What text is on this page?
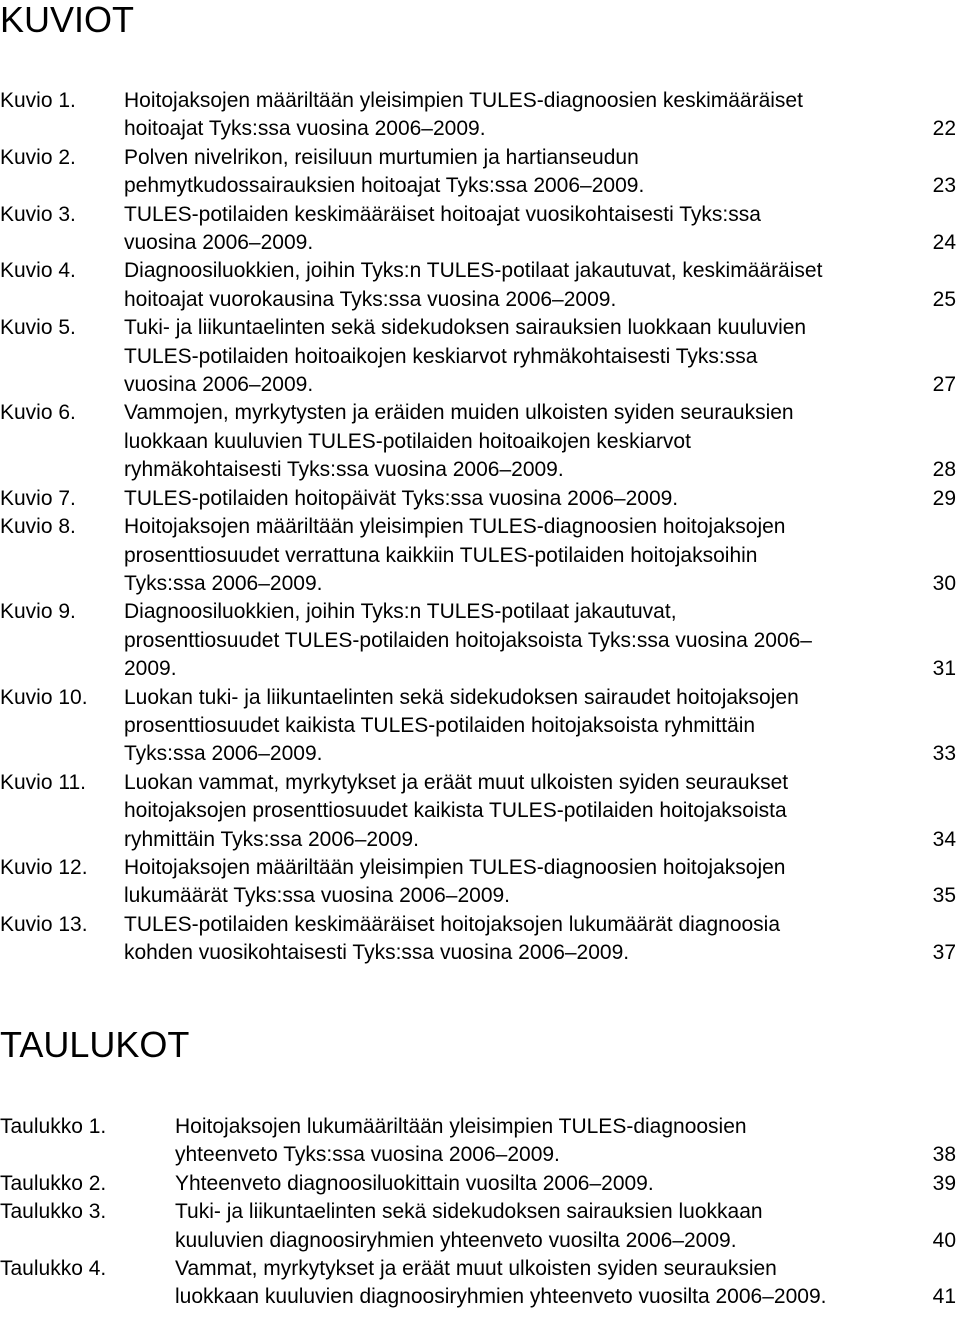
KUVIOT
Kuvio 1.	Hoitojaksojen määriltään yleisimpien TULES-diagnoosien keskimääräiset
hoitoajat Tyks:ssa vuosina 2006–2009.	22
Kuvio 2.	Polven nivelrikon, reisiluun murtumien ja hartianseudun
pehmytkudossairauksien hoitoajat Tyks:ssa 2006–2009.	23
Kuvio 3.	TULES-potilaiden keskimääräiset hoitoajat vuosikohtaisesti Tyks:ssa
vuosina 2006–2009.	24
Kuvio 4.	Diagnoosiluokkien, joihin Tyks:n TULES-potilaat jakautuvat, keskimääräiset
hoitoajat vuorokausina Tyks:ssa vuosina 2006–2009.	25
Kuvio 5.	Tuki- ja liikuntaelinten sekä sidekudoksen sairauksien luokkaan kuuluvien
TULES-potilaiden hoitoaikojen keskiarvot ryhmäkohtaisesti Tyks:ssa
vuosina 2006–2009.	27
Kuvio 6.	Vammojen, myrkytysten ja eräiden muiden ulkoisten syiden seurauksien
luokkaan kuuluvien TULES-potilaiden hoitoaikojen keskiarvot
ryhmäkohtaisesti Tyks:ssa vuosina 2006–2009.	28
Kuvio 7.	TULES-potilaiden hoitopäivät Tyks:ssa vuosina 2006–2009.	29
Kuvio 8.	Hoitojaksojen määriltään yleisimpien TULES-diagnoosien hoitojaksojen
prosenttiosuudet verrattuna kaikkiin TULES-potilaiden hoitojaksoihin
Tyks:ssa 2006–2009.	30
Kuvio 9.	Diagnoosiluokkien, joihin Tyks:n TULES-potilaat jakautuvat,
prosenttiosuudet TULES-potilaiden hoitojaksoista Tyks:ssa vuosina 2006–
2009.	31
Kuvio 10.	Luokan tuki- ja liikuntaelinten sekä sidekudoksen sairaudet hoitojaksojen
prosenttiosuudet kaikista TULES-potilaiden hoitojaksoista ryhmittäin
Tyks:ssa 2006–2009.	33
Kuvio 11.	Luokan vammat, myrkytykset ja eräät muut ulkoisten syiden seuraukset
hoitojaksojen prosenttiosuudet kaikista TULES-potilaiden hoitojaksoista
ryhmittäin Tyks:ssa 2006–2009.	34
Kuvio 12.	Hoitojaksojen määriltään yleisimpien TULES-diagnoosien hoitojaksojen
lukumäärät Tyks:ssa vuosina 2006–2009.	35
Kuvio 13.	TULES-potilaiden keskimääräiset hoitojaksojen lukumäärät diagnoosia
kohden vuosikohtaisesti Tyks:ssa vuosina 2006–2009.	37
TAULUKOT
Taulukko 1.	Hoitojaksojen lukumääriltään yleisimpien TULES-diagnoosien
yhteenveto Tyks:ssa vuosina 2006–2009.	38
Taulukko 2.	Yhteenveto diagnoosiluokittain vuosilta 2006–2009.	39
Taulukko 3.	Tuki- ja liikuntaelinten sekä sidekudoksen sairauksien luokkaan
kuuluvien diagnoosiryhmien yhteenveto vuosilta 2006–2009.	40
Taulukko 4.	Vammat, myrkytykset ja eräät muut ulkoisten syiden seurauksien
luokkaan kuuluvien diagnoosiryhmien yhteenveto vuosilta 2006–2009.	41
